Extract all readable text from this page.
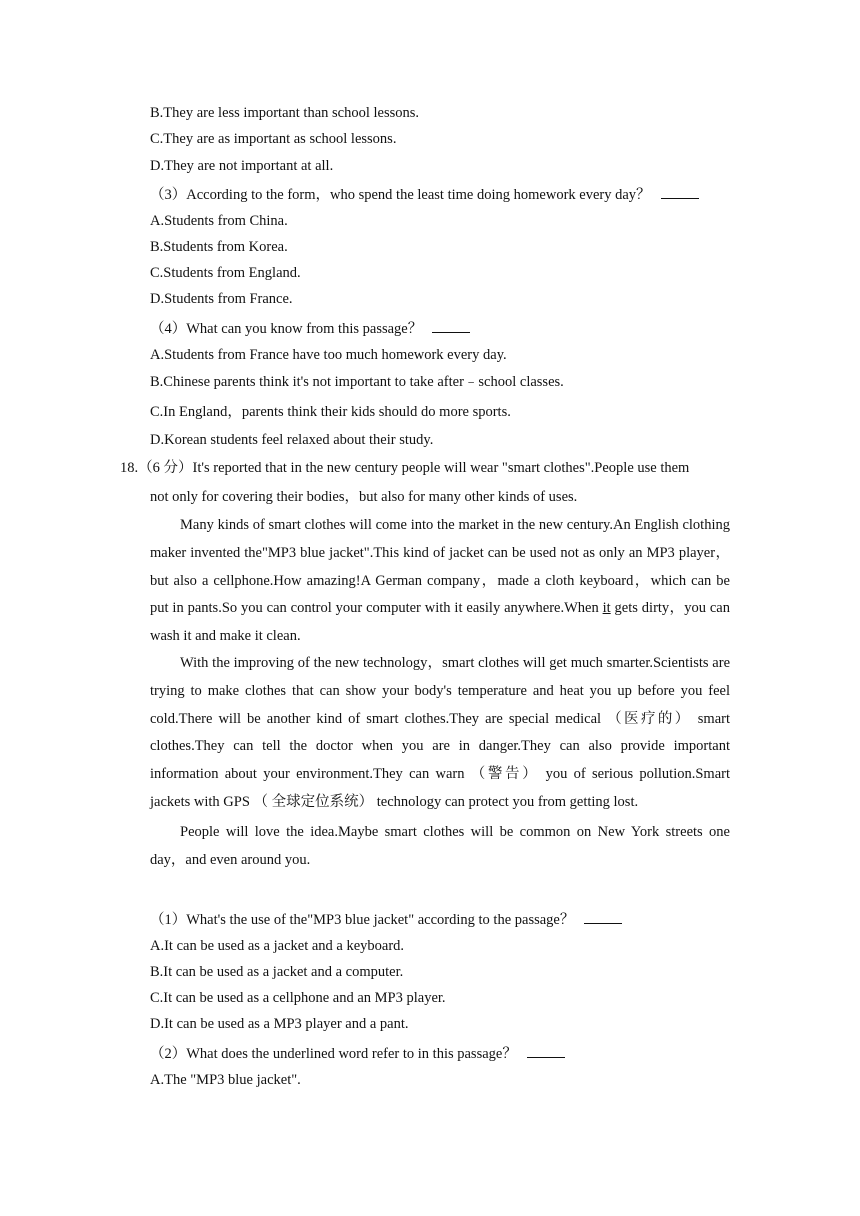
B.They are less important than school lessons.
C.They are as important as school lessons.
D.They are not important at all.
（3）According to the form，who spend the least time doing homework every day？
A.Students from China.
B.Students from Korea.
C.Students from England.
D.Students from France.
（4）What can you know from this passage？
A.Students from France have too much homework every day.
B.Chinese parents think it's not important to take after﹣school classes.
C.In England，parents think their kids should do more sports.
D.Korean students feel relaxed about their study.
18.（6 分）It's reported that in the new century people will wear "smart clothes".People use them
not only for covering their bodies，but also for many other kinds of uses.
Many kinds of smart clothes will come into the market in the new century.An English clothing maker invented the"MP3 blue jacket".This kind of jacket can be used not as only an MP3 player，but also a cellphone.How amazing!A German company，made a cloth keyboard，which can be put in pants.So you can control your computer with it easily anywhere.When it gets dirty，you can wash it and make it clean.
With the improving of the new technology，smart clothes will get much smarter.Scientists are trying to make clothes that can show your body's temperature and heat you up before you feel cold.There will be another kind of smart clothes.They are special medical （医疗的） smart clothes.They can tell the doctor when you are in danger.They can also provide important information about your environment.They can warn （警告） you of serious pollution.Smart jackets with GPS （ 全球定位系统） technology can protect you from getting lost.
People will love the idea.Maybe smart clothes will be common on New York streets one day，and even around you.
（1）What's the use of the"MP3 blue jacket" according to the passage？
A.It can be used as a jacket and a keyboard.
B.It can be used as a jacket and a computer.
C.It can be used as a cellphone and an MP3 player.
D.It can be used as a MP3 player and a pant.
（2）What does the underlined word refer to in this passage？
A.The "MP3 blue jacket".
